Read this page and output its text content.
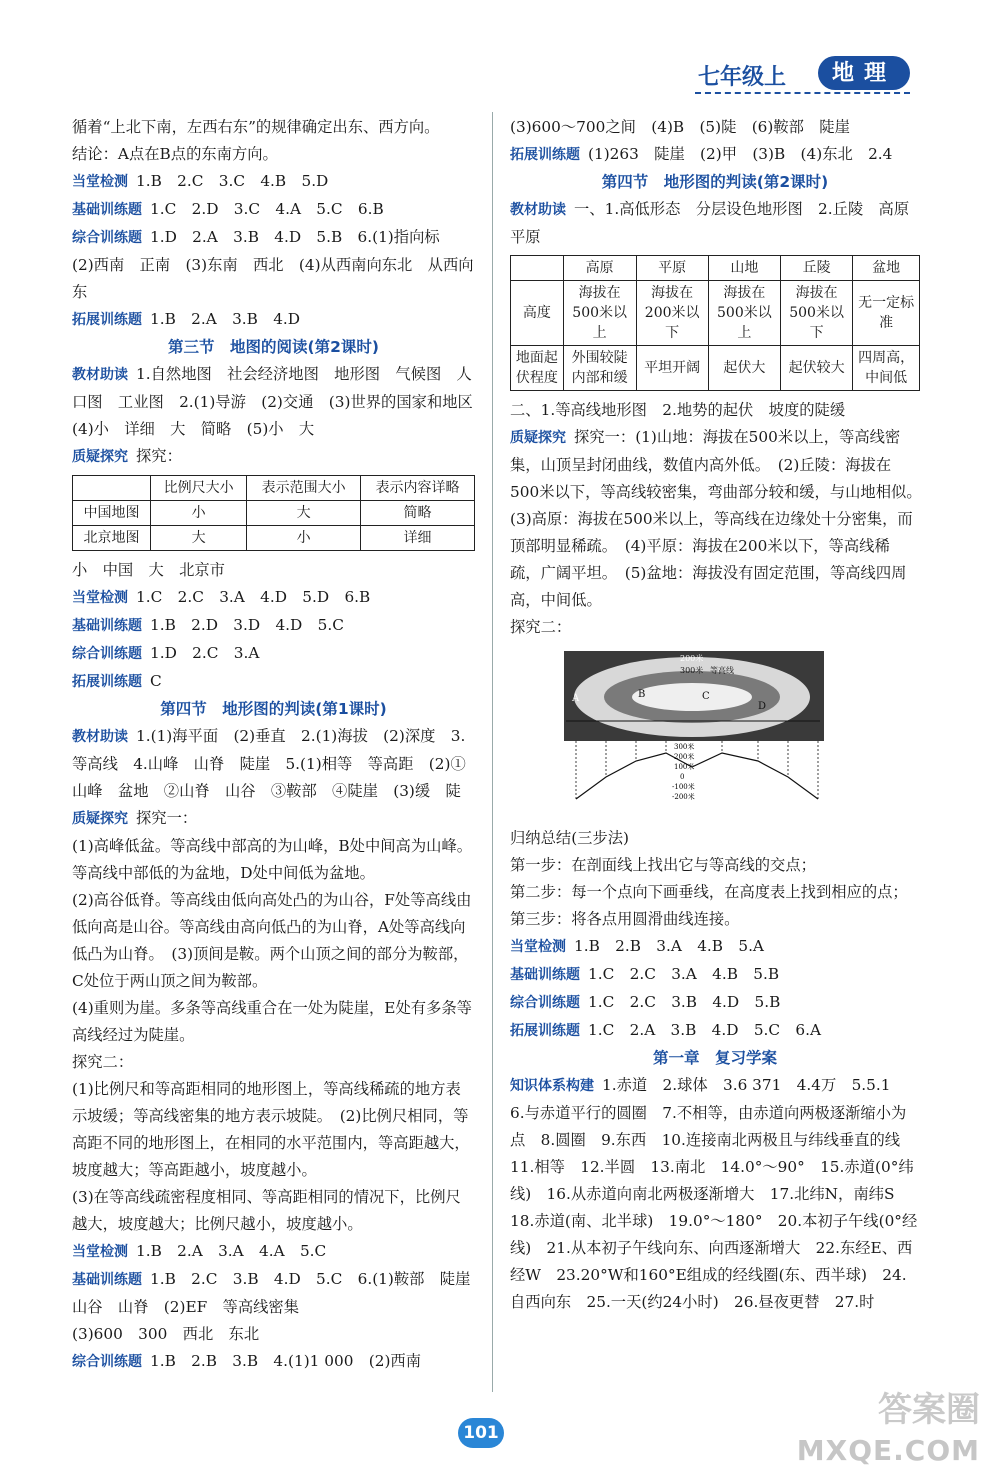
七年级上	地理

循着“上北下南，左西右东”的规律确定出东、西方向。

结论：A点在B点的东南方向。

当堂检测 1.B　2.C　3.C　4.B　5.D

基础训练题 1.C　2.D　3.C　4.A　5.C　6.B

综合训练题 1.D　2.A　3.B　4.D　5.B　6.(1)指向标　(2)西南　正南　(3)东南　西北　(4)从西南向东北　从西向东

拓展训练题 1.B　2.A　3.B　4.D

第三节　地图的阅读(第2课时)

教材助读 1.自然地图　社会经济地图　地形图　气候图　人口图　工业图　2.(1)导游　(2)交通　(3)世界的国家和地区　(4)小　详细　大　简略　(5)小　大

质疑探究 探究：

	比例尺大小	表示范围大小	表示内容详略
中国地图	小	大	简略
北京地图	大	小	详细

小　中国　大　北京市

当堂检测 1.C　2.C　3.A　4.D　5.D　6.B

基础训练题 1.B　2.D　3.D　4.D　5.C

综合训练题 1.D　2.C　3.A

拓展训练题 C

第四节　地形图的判读(第1课时)

教材助读 1.(1)海平面　(2)垂直　2.(1)海拔　(2)深度　3.等高线　4.山峰　山脊　陡崖　5.(1)相等　等高距　(2)①山峰　盆地　②山脊　山谷　③鞍部　④陡崖　(3)缓　陡

质疑探究 探究一：

(1)高峰低盆。等高线中部高的为山峰，B处中间高为山峰。等高线中部低的为盆地，D处中间低为盆地。

(2)高谷低脊。等高线由低向高处凸的为山谷，F处等高线由低向高是山谷。等高线由高向低凸的为山脊，A处等高线向低凸为山脊。　(3)顶间是鞍。两个山顶之间的部分为鞍部，C处位于两山顶之间为鞍部。

(4)重则为崖。多条等高线重合在一处为陡崖，E处有多条等高线经过为陡崖。

探究二：

(1)比例尺和等高距相同的地形图上，等高线稀疏的地方表示坡缓；等高线密集的地方表示坡陡。　(2)比例尺相同，等高距不同的地形图上，在相同的水平范围内，等高距越大，坡度越大；等高距越小，坡度越小。

(3)在等高线疏密程度相同、等高距相同的情况下，比例尺越大，坡度越大；比例尺越小，坡度越小。

当堂检测 1.B　2.A　3.A　4.A　5.C

基础训练题 1.B　2.C　3.B　4.D　5.C　6.(1)鞍部　陡崖　山谷　山脊　(2)EF　等高线密集

(3)600　300　西北　东北

综合训练题 1.B　2.B　3.B　4.(1)1 000　(2)西南

(3)600～700之间　(4)B　(5)陡　(6)鞍部　陡崖

拓展训练题 (1)263　陡崖　(2)甲　(3)B　(4)东北　2.4

第四节　地形图的判读(第2课时)

教材助读 一、1.高低形态　分层设色地形图　2.丘陵　高原　平原

	高原	平原	山地	丘陵	盆地
高度	海拔在500米以上	海拔在200米以下	海拔在500米以上	海拔在500米以下	无一定标准
地面起伏程度	外围较陡内部和缓	平坦开阔	起伏大	起伏较大	四周高，中间低

二、1.等高线地形图　2.地势的起伏　坡度的陡缓

质疑探究 探究一：(1)山地：海拔在500米以上，等高线密集，山顶呈封闭曲线，数值内高外低。　(2)丘陵：海拔在500米以下，等高线较密集，弯曲部分较和缓，与山地相似。　(3)高原：海拔在500米以上，等高线在边缘处十分密集，而顶部明显稀疏。　(4)平原：海拔在200米以下，等高线稀疏，广阔平坦。　(5)盆地：海拔没有固定范围，等高线四周高，中间低。

探究二：

200米
300米 等高线
A	B	C
D
300米
200米
100米
0
-100米
-200米

归纳总结(三步法)

第一步：在剖面线上找出它与等高线的交点；

第二步：每一个点向下画垂线，在高度表上找到相应的点；

第三步：将各点用圆滑曲线连接。

当堂检测 1.B　2.B　3.A　4.B　5.A

基础训练题 1.C　2.C　3.A　4.B　5.B

综合训练题 1.C　2.C　3.B　4.D　5.B

拓展训练题 1.C　2.A　3.B　4.D　5.C　6.A

第一章　复习学案

知识体系构建 1.赤道　2.球体　3.6 371　4.4万　5.5.1　6.与赤道平行的圆圈　7.不相等，由赤道向两极逐渐缩小为点　8.圆圈　9.东西　10.连接南北两极且与纬线垂直的线　11.相等　12.半圆　13.南北　14.0°～90°　15.赤道(0°纬线)　16.从赤道向南北两极逐渐增大　17.北纬N，南纬S　18.赤道(南、北半球)　19.0°～180°　20.本初子午线(0°经线)　21.从本初子午线向东、向西逐渐增大　22.东经E、西经W　23.20°W和160°E组成的经线圈(东、西半球)　24.自西向东　25.一天(约24小时)　26.昼夜更替　27.时

101
答案圈
MXQE.COM
